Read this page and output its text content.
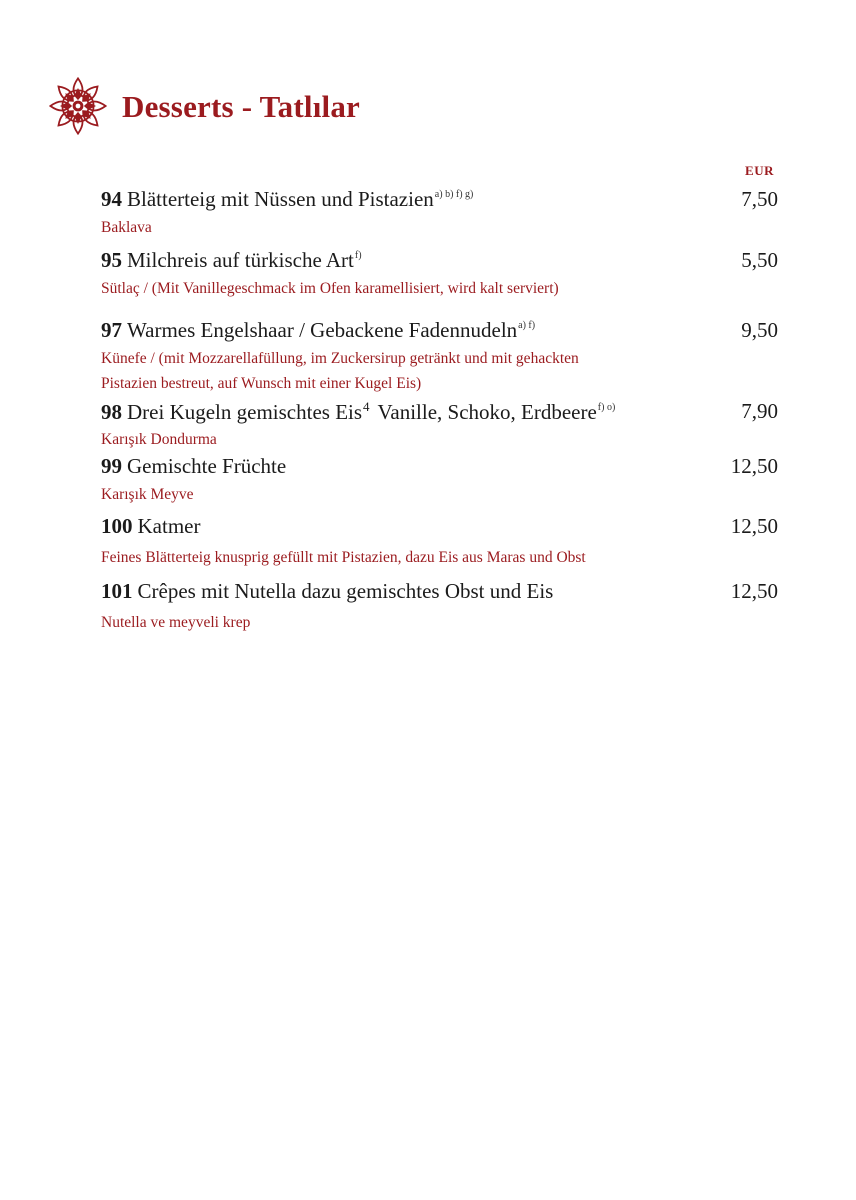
Desserts - Tatlılar
EUR
94 Blätterteig mit Nüssen und Pistazien$^{a) b) f) g)}$	7,50
Baklava
95 Milchreis auf türkische Art$^{f)}$	5,50
Sütlaç / (Mit Vanillegeschmack im Ofen karamellisiert, wird kalt serviert)
97 Warmes Engelshaar / Gebackene Fadennudeln$^{a) f)}$	9,50
Künefe / (mit Mozzarellafüllung, im Zuckersirup getränkt und mit gehackten
Pistazien bestreut, auf Wunsch mit einer Kugel Eis)
98 Drei Kugeln gemischtes Eis$^4$ Vanille, Schoko, Erdbeere$^{f) o)}$	7,90
Karışık Dondurma
99 Gemischte Früchte	12,50
Karışık Meyve
100 Katmer	12,50
Feines Blätterteig knusprig gefüllt mit Pistazien, dazu Eis aus Maras und Obst
101 Crêpes mit Nutella dazu gemischtes Obst und Eis	12,50
Nutella ve meyveli krep
